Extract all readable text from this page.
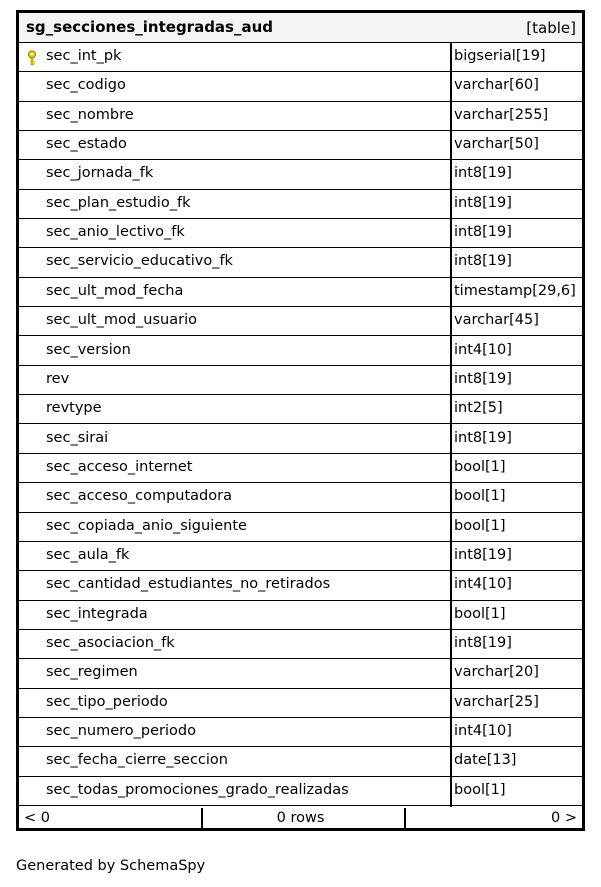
sg_secciones_integradas_aud	[table]
sec_int_pk	bigserial[19]
sec_codigo	varchar[60]
sec_nombre	varchar[255]
sec_estado	varchar[50]
sec_jornada_fk	int8[19]
sec_plan_estudio_fk	int8[19]
sec_anio_lectivo_fk	int8[19]
sec_servicio_educativo_fk	int8[19]
sec_ult_mod_fecha	timestamp[29,6]
sec_ult_mod_usuario	varchar[45]
sec_version	int4[10]
rev	int8[19]
revtype	int2[5]
sec_sirai	int8[19]
sec_acceso_internet	bool[1]
sec_acceso_computadora	bool[1]
sec_copiada_anio_siguiente	bool[1]
sec_aula_fk	int8[19]
sec_cantidad_estudiantes_no_retirados	int4[10]
sec_integrada	bool[1]
sec_asociacion_fk	int8[19]
sec_regimen	varchar[20]
sec_tipo_periodo	varchar[25]
sec_numero_periodo	int4[10]
sec_fecha_cierre_seccion	date[13]
sec_todas_promociones_grado_realizadas	bool[1]
< 0	0 rows	0 >
Generated by SchemaSpy
